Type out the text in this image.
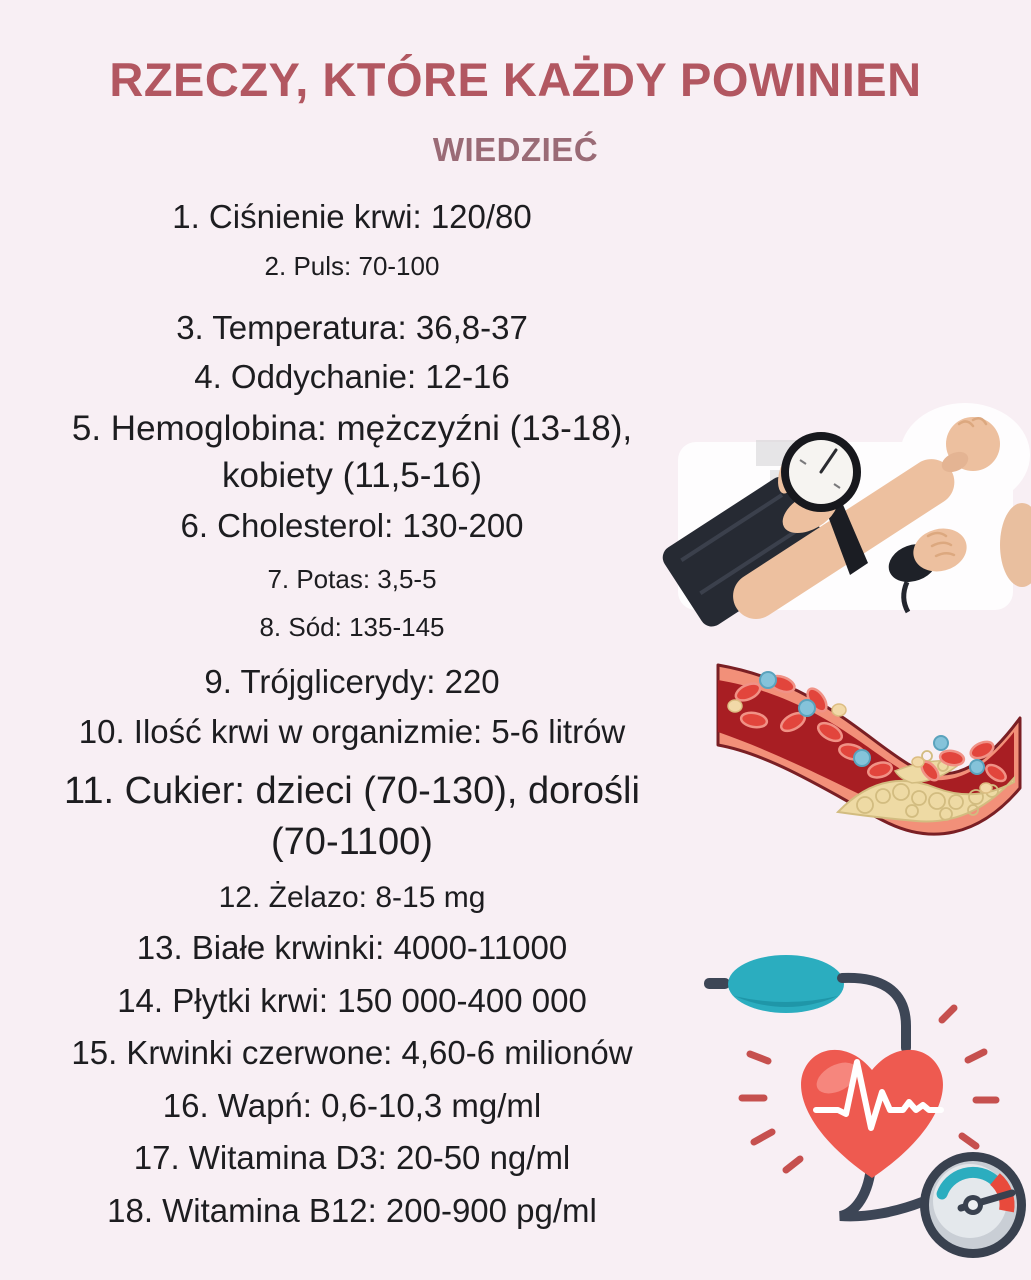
RZECZY, KTÓRE KAŻDY POWINIEN
WIEDZIEĆ
1. Ciśnienie krwi: 120/80
2. Puls: 70-100
3. Temperatura: 36,8-37
4. Oddychanie: 12-16
5. Hemoglobina: mężczyźni (13-18), kobiety (11,5-16)
6. Cholesterol: 130-200
7. Potas: 3,5-5
8. Sód: 135-145
9. Trójglicerydy: 220
10. Ilość krwi w organizmie: 5-6 litrów
11. Cukier: dzieci (70-130), dorośli (70-1100)
12. Żelazo: 8-15 mg
13. Białe krwinki: 4000-11000
14. Płytki krwi: 150 000-400 000
15. Krwinki czerwone: 4,60-6 milionów
16. Wapń: 0,6-10,3 mg/ml
17. Witamina D3: 20-50 ng/ml
18. Witamina B12: 200-900 pg/ml
